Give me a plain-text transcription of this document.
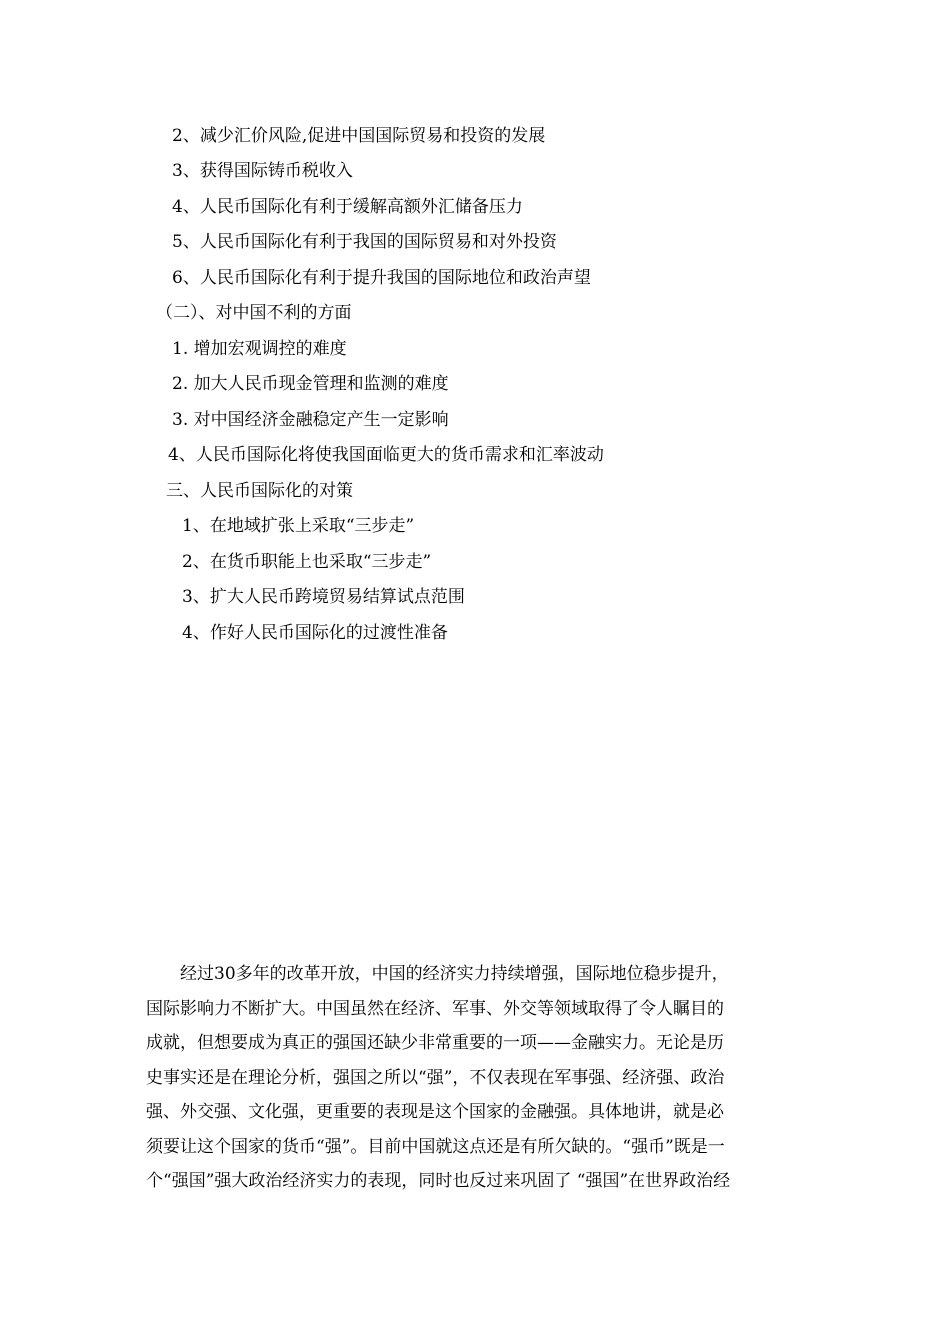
2、减少汇价风险,促进中国国际贸易和投资的发展
3、获得国际铸币税收入
4、人民币国际化有利于缓解高额外汇储备压力
5、人民币国际化有利于我国的国际贸易和对外投资
6、人民币国际化有利于提升我国的国际地位和政治声望
（二）、对中国不利的方面
1. 增加宏观调控的难度
2. 加大人民币现金管理和监测的难度
3. 对中国经济金融稳定产生一定影响
4、人民币国际化将使我国面临更大的货币需求和汇率波动
三、人民币国际化的对策
1、在地域扩张上采取“三步走”
2、在货币职能上也采取“三步走”
3、扩大人民币跨境贸易结算试点范围
4、作好人民币国际化的过渡性准备
经过30多年的改革开放，中国的经济实力持续增强，国际地位稳步提升，
国际影响力不断扩大。中国虽然在经济、军事、外交等领域取得了令人瞩目的
成就，但想要成为真正的强国还缺少非常重要的一项——金融实力。无论是历
史事实还是在理论分析，强国之所以“强”，不仅表现在军事强、经济强、政治
强、外交强、文化强，更重要的表现是这个国家的金融强。具体地讲，就是必
须要让这个国家的货币“强”。目前中国就这点还是有所欠缺的。“强币”既是一
个“强国”强大政治经济实力的表现，同时也反过来巩固了 “强国”在世界政治经
